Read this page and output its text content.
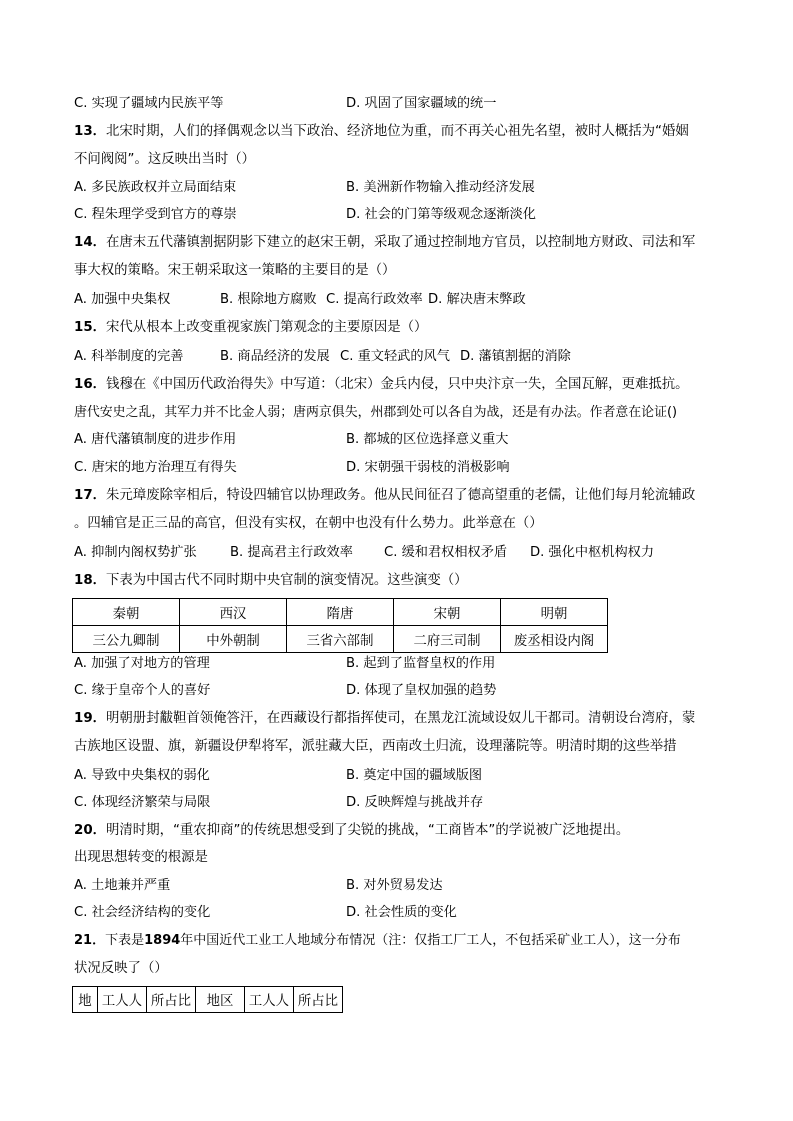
C. 实现了疆域内民族平等	D. 巩固了国家疆域的统一
13．北宋时期，人们的择偶观念以当下政治、经济地位为重，而不再关心祖先名望，被时人概括为“婚姻
不问阀阅”。这反映出当时（）
A. 多民族政权并立局面结束	B. 美洲新作物输入推动经济发展
C. 程朱理学受到官方的尊崇	D. 社会的门第等级观念逐渐淡化
14．在唐末五代藩镇割据阴影下建立的赵宋王朝，采取了通过控制地方官员，以控制地方财政、司法和军
事大权的策略。宋王朝采取这一策略的主要目的是（）
A. 加强中央集权	B. 根除地方腐败 C. 提高行政效率 D. 解决唐末弊政
15．宋代从根本上改变重视家族门第观念的主要原因是（）
A. 科举制度的完善	B. 商品经济的发展 C. 重文轻武的风气 D. 藩镇割据的消除
16．钱穆在《中国历代政治得失》中写道：（北宋）金兵内侵，只中央汴京一失，全国瓦解，更难抵抗。
唐代安史之乱，其军力并不比金人弱；唐两京俱失，州郡到处可以各自为战，还是有办法。作者意在论证()
A. 唐代藩镇制度的进步作用	B. 都城的区位选择意义重大
C. 唐宋的地方治理互有得失	D. 宋朝强干弱枝的消极影响
17．朱元璋废除宰相后，特设四辅官以协理政务。他从民间征召了德高望重的老儒，让他们每月轮流辅政
。四辅官是正三品的高官，但没有实权，在朝中也没有什么势力。此举意在（）
A. 抑制内阁权势扩张	B. 提高君主行政效率 C. 缓和君权相权矛盾 D. 强化中枢机构权力
18．下表为中国古代不同时期中央官制的演变情况。这些演变（）
秦朝	西汉	隋唐	宋朝	明朝
三公九卿制	中外朝制	三省六部制	二府三司制	废丞相设内阁
A. 加强了对地方的管理	B. 起到了监督皇权的作用
C. 缘于皇帝个人的喜好	D. 体现了皇权加强的趋势
19．明朝册封黻靼首领俺答汗，在西藏设行都指挥使司，在黑龙江流域设奴儿干都司。清朝设台湾府，蒙
古族地区设盟、旗，新疆设伊犁将军，派驻藏大臣，西南改土归流，设理藩院等。明清时期的这些举措
A. 导致中央集权的弱化	B. 奠定中国的疆域版图
C. 体现经济繁荣与局限	D. 反映辉煌与挑战并存
20．明清时期，“重农抑商”的传统思想受到了尖锐的挑战，“工商皆本”的学说被广泛地提出。
出现思想转变的根源是
A. 土地兼并严重	B. 对外贸易发达
C. 社会经济结构的变化	D. 社会性质的变化
21．下表是1894年中国近代工业工人地域分布情况（注：仅指工厂工人，不包括采矿业工人），这一分布
状况反映了（）
地	工人人	所占比	地区	工人人	所占比
